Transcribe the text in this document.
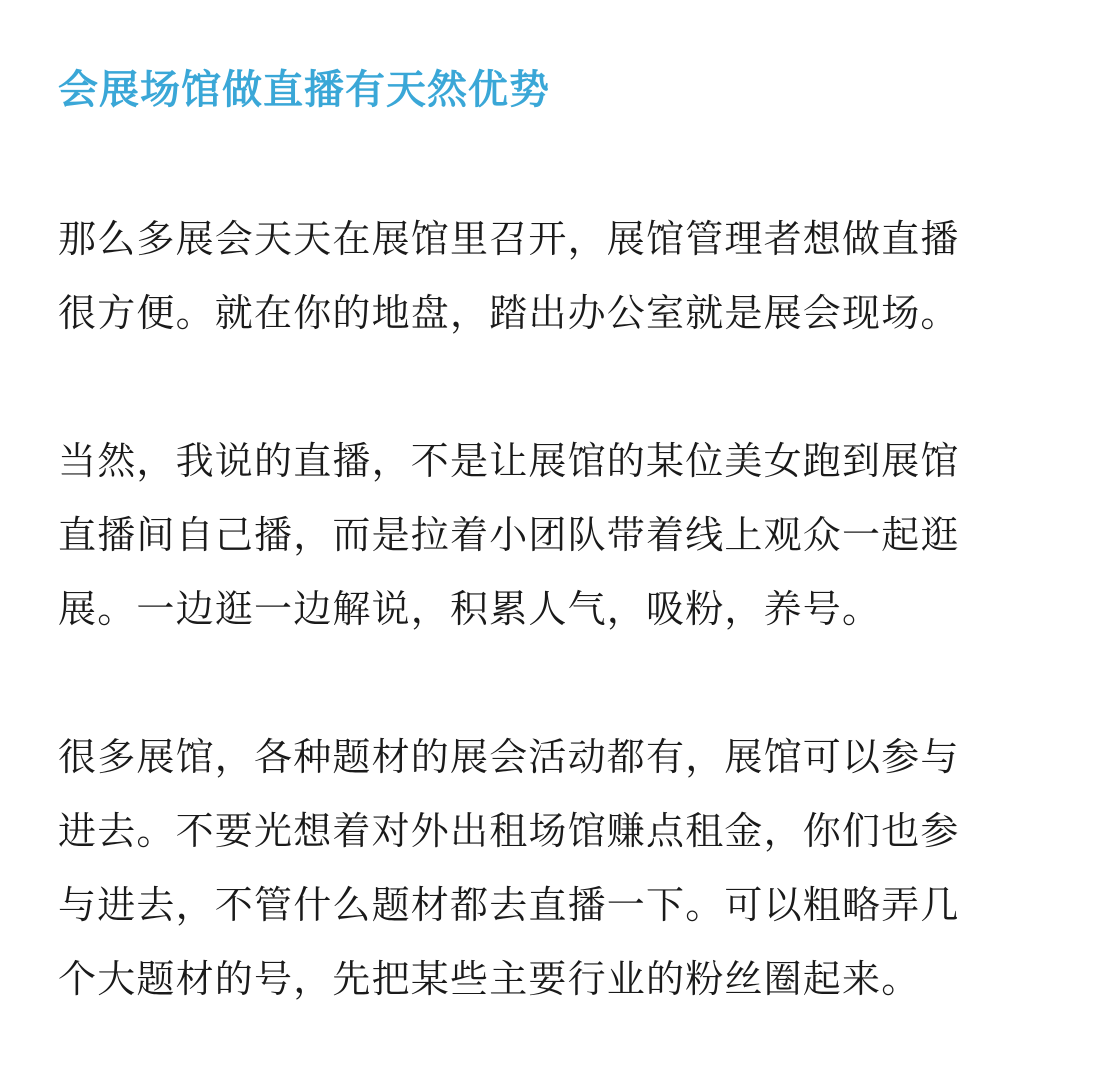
会展场馆做直播有天然优势

那么多展会天天在展馆里召开，展馆管理者想做直播
很方便。就在你的地盘，踏出办公室就是展会现场。

当然，我说的直播，不是让展馆的某位美女跑到展馆
直播间自己播，而是拉着小团队带着线上观众一起逛
展。一边逛一边解说，积累人气，吸粉，养号。

很多展馆，各种题材的展会活动都有，展馆可以参与
进去。不要光想着对外出租场馆赚点租金，你们也参
与进去，不管什么题材都去直播一下。可以粗略弄几
个大题材的号，先把某些主要行业的粉丝圈起来。
